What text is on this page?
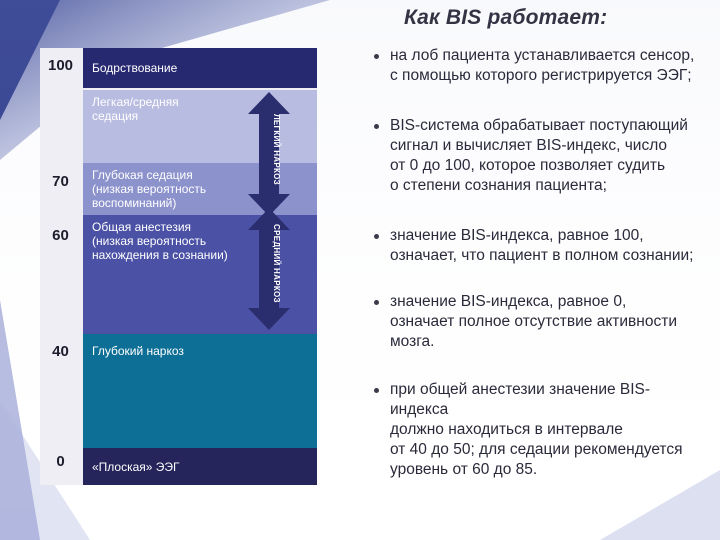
Как BIS работает:
100
70
60
40
0
Бодрствование
Легкая/средняя
седация
Глубокая седация
(низкая вероятность
воспоминаний)
Общая анестезия
(низкая вероятность
нахождения в сознании)
Глубокий наркоз
«Плоская» ЭЭГ
ЛЕГКИЙ НАРКОЗ
СРЕДНИЙ НАРКОЗ
на лоб пациента устанавливается сенсор,
с помощью которого регистрируется ЭЭГ;
BIS-система обрабатывает поступающий
сигнал и вычисляет BIS-индекс, число
от 0 до 100, которое позволяет судить
о степени сознания пациента;
значение BIS-индекса, равное 100,
означает, что пациент в полном сознании;
значение BIS-индекса, равное 0,
означает полное отсутствие активности
мозга.
при общей анестезии значение BIS-
индекса
должно находиться в интервале
от 40 до 50; для седации рекомендуется
уровень от 60 до 85.
